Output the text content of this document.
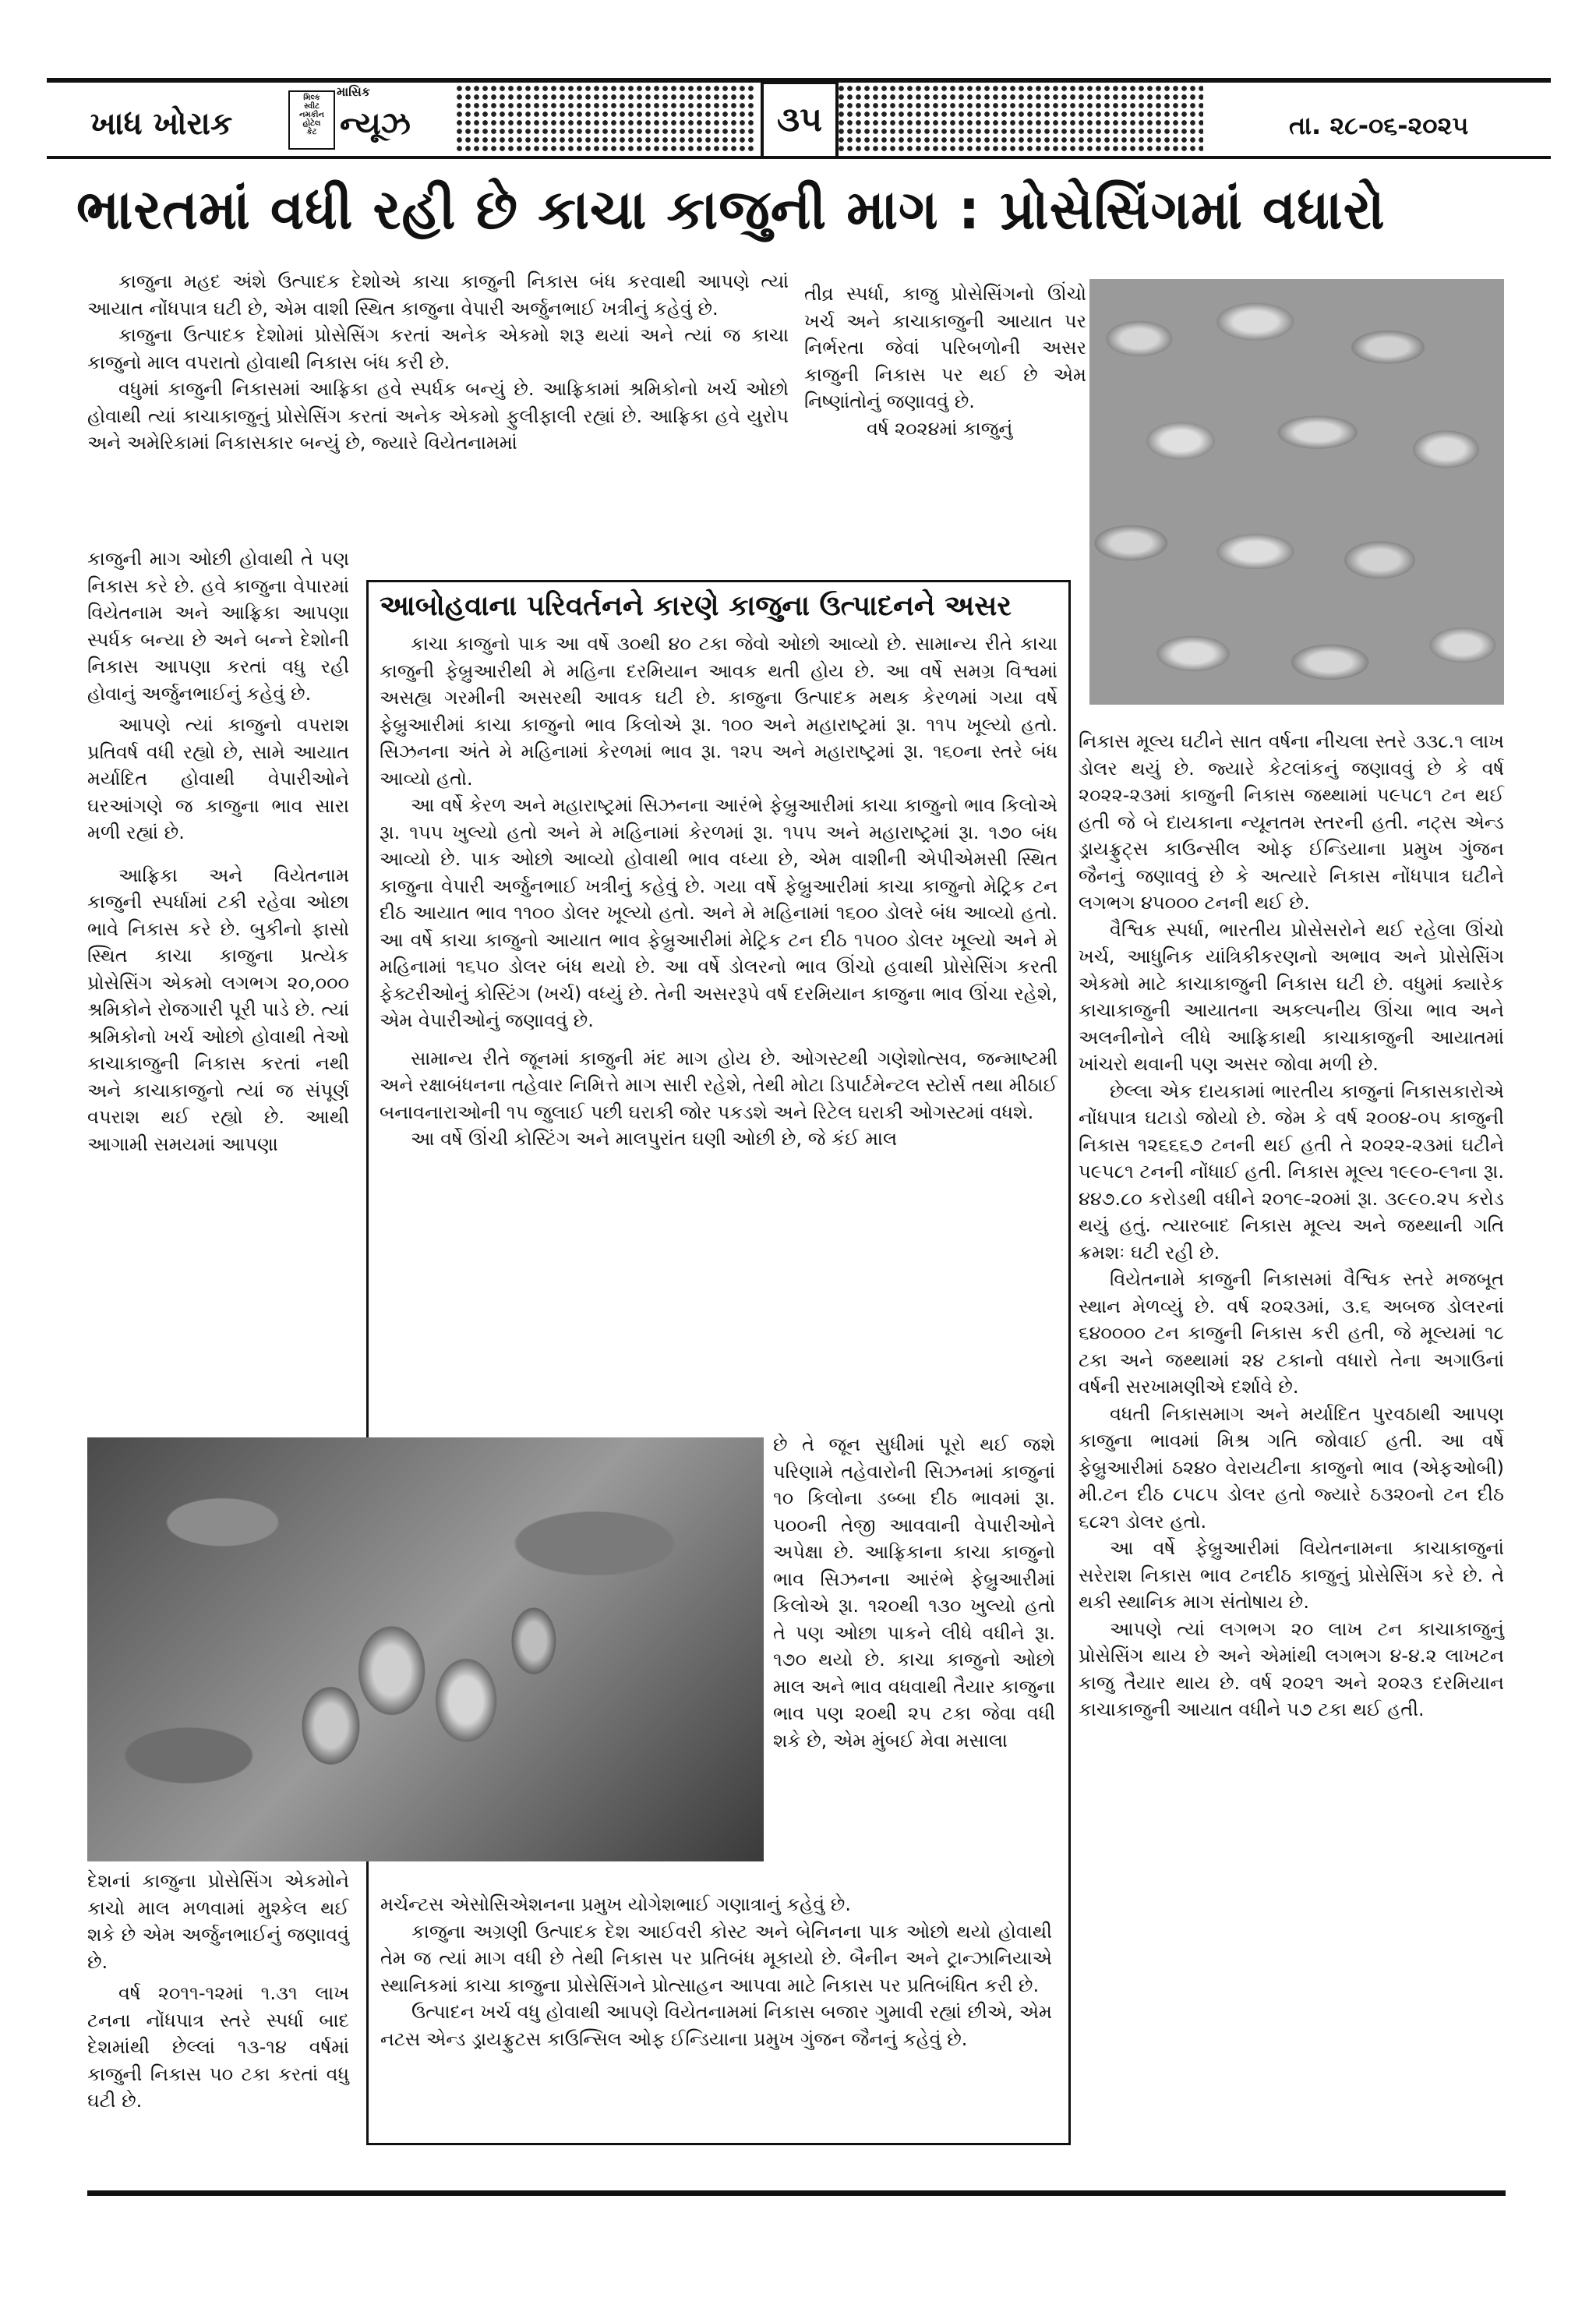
ખાધ ખોરાક
મિલ્ક
સ્વીટ
નમકીન
હોટેલ
કેટ
માસિક
ન્યૂઝ	૩૫	તા. ૨૮-૦૬-૨૦૨૫
ભારતમાં વધી રહી છે કાચા કાજુની માગ : પ્રોસેસિંગમાં વધારો

કાજુના મહદ અંશે ઉત્પાદક દેશોએ કાચા કાજુની નિકાસ બંધ કરવાથી આપણે ત્યાં આયાત નોંધપાત્ર ઘટી છે, એમ વાશી સ્થિત કાજુના વેપારી અર્જુનભાઈ ખત્રીનું કહેવું છે.

કાજુના ઉત્પાદક દેશોમાં પ્રોસેસિંગ કરતાં અનેક એકમો શરૂ થયાં અને ત્યાં જ કાચા કાજુનો માલ વપરાતો હોવાથી નિકાસ બંધ કરી છે.

વધુમાં કાજુની નિકાસમાં આફ્રિકા હવે સ્પર્ધક બન્યું છે. આફ્રિકામાં શ્રમિકોનો ખર્ચ ઓછો હોવાથી ત્યાં કાચાકાજુનું પ્રોસેસિંગ કરતાં અનેક એકમો ફુલીફાલી રહ્યાં છે. આફ્રિકા હવે યુરોપ અને અમેરિકામાં નિકાસકાર બન્યું છે, જ્યારે વિયેતનામમાં

તીવ્ર સ્પર્ધા, કાજુ પ્રોસેસિંગનો ઊંચો ખર્ચ અને કાચાકાજુની આયાત પર નિર્ભરતા જેવાં પરિબળોની અસર કાજુની નિકાસ પર થઈ છે એમ નિષ્ણાંતોનું જણાવવું છે.

વર્ષ ૨૦૨૪માં કાજુનું

કાજુની માગ ઓછી હોવાથી તે પણ નિકાસ કરે છે. હવે કાજુના વેપારમાં વિયેતનામ અને આફ્રિકા આપણા સ્પર્ધક બન્યા છે અને બન્ને દેશોની નિકાસ આપણા કરતાં વધુ રહી હોવાનું અર્જુનભાઈનું કહેવું છે.

આપણે ત્યાં કાજુનો વપરાશ પ્રતિવર્ષ વધી રહ્યો છે, સામે આયાત મર્યાદિત હોવાથી વેપારીઓને ઘરઆંગણે જ કાજુના ભાવ સારા મળી રહ્યાં છે.

આફ્રિકા અને વિયેતનામ કાજુની સ્પર્ધામાં ટકી રહેવા ઓછા ભાવે નિકાસ કરે છે. બુકીનો ફાસો સ્થિત કાચા કાજુના પ્રત્યેક પ્રોસેસિંગ એકમો લગભગ ૨૦,૦૦૦ શ્રમિકોને રોજગારી પૂરી પાડે છે. ત્યાં શ્રમિકોનો ખર્ચ ઓછો હોવાથી તેઓ કાચાકાજુની નિકાસ કરતાં નથી અને કાચાકાજુનો ત્યાં જ સંપૂર્ણ વપરાશ થઈ રહ્યો છે. આથી આગામી સમયમાં આપણા

આબોહવાના પરિવર્તનને કારણે કાજુના ઉત્પાદનને અસર

કાચા કાજુનો પાક આ વર્ષે ૩૦થી ૪૦ ટકા જેવો ઓછો આવ્યો છે. સામાન્ય રીતે કાચા કાજુની ફેબ્રુઆરીથી મે મહિના દરમિયાન આવક થતી હોય છે. આ વર્ષે સમગ્ર વિશ્વમાં અસહ્ય ગરમીની અસરથી આવક ઘટી છે. કાજુના ઉત્પાદક મથક કેરળમાં ગયા વર્ષે ફેબ્રુઆરીમાં કાચા કાજુનો ભાવ કિલોએ રૂા. ૧૦૦ અને મહારાષ્ટ્રમાં રૂા. ૧૧૫ ખૂલ્યો હતો. સિઝનના અંતે મે મહિનામાં કેરળમાં ભાવ રૂા. ૧૨૫ અને મહારાષ્ટ્રમાં રૂા. ૧૬૦ના સ્તરે બંધ આવ્યો હતો.

આ વર્ષે કેરળ અને મહારાષ્ટ્રમાં સિઝનના આરંભે ફેબ્રુઆરીમાં કાચા કાજુનો ભાવ કિલોએ રૂા. ૧૫૫ ખુલ્યો હતો અને મે મહિનામાં કેરળમાં રૂા. ૧૫૫ અને મહારાષ્ટ્રમાં રૂા. ૧૭૦ બંધ આવ્યો છે. પાક ઓછો આવ્યો હોવાથી ભાવ વધ્યા છે, એમ વાશીની એપીએમસી સ્થિત કાજુના વેપારી અર્જુનભાઈ ખત્રીનું કહેવું છે. ગયા વર્ષે ફેબ્રુઆરીમાં કાચા કાજુનો મેટ્રિક ટન દીઠ આયાત ભાવ ૧૧૦૦ ડોલર ખૂલ્યો હતો. અને મે મહિનામાં ૧૬૦૦ ડોલરે બંધ આવ્યો હતો. આ વર્ષે કાચા કાજુનો આયાત ભાવ ફેબ્રુઆરીમાં મેટ્રિક ટન દીઠ ૧૫૦૦ ડોલર ખૂલ્યો અને મે મહિનામાં ૧૬૫૦ ડોલર બંધ થયો છે. આ વર્ષે ડોલરનો ભાવ ઊંચો હવાથી પ્રોસેસિંગ કરતી ફેક્ટરીઓનું કોસ્ટિંગ (ખર્ચ) વધ્યું છે. તેની અસરરૂપે વર્ષ દરમિયાન કાજુના ભાવ ઊંચા રહેશે, એમ વેપારીઓનું જણાવવું છે.

સામાન્ય રીતે જૂનમાં કાજુની મંદ માગ હોય છે. ઓગસ્ટથી ગણેશોત્સવ, જન્માષ્ટમી અને રક્ષાબંધનના તહેવાર નિમિત્તે માગ સારી રહેશે, તેથી મોટા ડિપાર્ટમેન્ટલ સ્ટોર્સ તથા મીઠાઈ બનાવનારાઓની ૧૫ જુલાઈ પછી ઘરાકી જોર પકડશે અને રિટેલ ઘરાકી ઓગસ્ટમાં વધશે.

આ વર્ષે ઊંચી કોસ્ટિંગ અને માલપુરાંત ઘણી ઓછી છે, જે કંઈ માલ

છે તે જૂન સુધીમાં પૂરો થઈ જશે પરિણામે તહેવારોની સિઝનમાં કાજુનાં ૧૦ કિલોના ડબ્બા દીઠ ભાવમાં રૂા. ૫૦૦ની તેજી આવવાની વેપારીઓને અપેક્ષા છે. આફ્રિકાના કાચા કાજુનો ભાવ સિઝનના આરંભે ફેબ્રુઆરીમાં કિલોએ રૂા. ૧૨૦થી ૧૩૦ ખુલ્યો હતો તે પણ ઓછા પાકને લીધે વધીને રૂા. ૧૭૦ થયો છે. કાચા કાજુનો ઓછો માલ અને ભાવ વધવાથી તૈયાર કાજુના ભાવ પણ ૨૦થી ૨૫ ટકા જેવા વધી શકે છે, એમ મુંબઈ મેવા મસાલા

મર્ચન્ટસ એસોસિએશનના પ્રમુખ યોગેશભાઈ ગણાત્રાનું કહેવું છે.

કાજુના અગ્રણી ઉત્પાદક દેશ આઈવરી કોસ્ટ અને બેનિનના પાક ઓછો થયો હોવાથી તેમ જ ત્યાં માગ વધી છે તેથી નિકાસ પર પ્રતિબંધ મૂકાયો છે. બૈનીન અને ટ્રાન્ઝાનિયાએ સ્થાનિકમાં કાચા કાજુના પ્રોસેસિંગને પ્રોત્સાહન આપવા માટે નિકાસ પર પ્રતિબંધિત કરી છે.

ઉત્પાદન ખર્ચ વધુ હોવાથી આપણે વિયેતનામમાં નિકાસ બજાર ગુમાવી રહ્યાં છીએ, એમ નટસ એન્ડ ડ્રાયફ્રુટસ કાઉન્સિલ ઓફ ઈન્ડિયાના પ્રમુખ ગુંજન જૈનનું કહેવું છે.

દેશનાં કાજુના પ્રોસેસિંગ એકમોને કાચો માલ મળવામાં મુશ્કેલ થઈ શકે છે એમ અર્જુનભાઈનું જણાવવું છે.

વર્ષ ૨૦૧૧-૧૨માં ૧.૩૧ લાખ ટનના નોંધપાત્ર સ્તરે સ્પર્ધા બાદ દેશમાંથી છેલ્લાં ૧૩-૧૪ વર્ષમાં કાજુની નિકાસ ૫૦ ટકા કરતાં વધુ ઘટી છે.

નિકાસ મૂલ્ય ઘટીને સાત વર્ષના નીચલા સ્તરે ૩૩૮.૧ લાખ ડોલર થયું છે. જ્યારે કેટલાંકનું જણાવવું છે કે વર્ષ ૨૦૨૨-૨૩માં કાજુની નિકાસ જથ્થામાં ૫૯૫૮૧ ટન થઈ હતી જે બે દાયકાના ન્યૂનતમ સ્તરની હતી. નટ્સ એન્ડ ડ્રાયફ્રુટ્સ કાઉન્સીલ ઓફ ઈન્ડિયાના પ્રમુખ ગુંજન જૈનનું જણાવવું છે કે અત્યારે નિકાસ નોંધપાત્ર ઘટીને લગભગ ૪૫૦૦૦ ટનની થઈ છે.

વૈશ્વિક સ્પર્ધા, ભારતીય પ્રોસેસરોને થઈ રહેલા ઊંચો ખર્ચ, આધુનિક યાંત્રિકીકરણનો અભાવ અને પ્રોસેસિંગ એકમો માટે કાચાકાજુની નિકાસ ઘટી છે. વધુમાં ક્યારેક કાચાકાજુની આયાતના અકલ્પનીય ઊંચા ભાવ અને અલનીનોને લીધે આફ્રિકાથી કાચાકાજુની આયાતમાં ખાંચરો થવાની પણ અસર જોવા મળી છે.

છેલ્લા એક દાયકામાં ભારતીય કાજુનાં નિકાસકારોએ નોંધપાત્ર ઘટાડો જોયો છે. જેમ કે વર્ષ ૨૦૦૪-૦૫ કાજુની નિકાસ ૧૨૬૬૬૭ ટનની થઈ હતી તે ૨૦૨૨-૨૩માં ઘટીને ૫૯૫૮૧ ટનની નોંધાઈ હતી. નિકાસ મૂલ્ય ૧૯૯૦-૯૧ના રૂા. ૪૪૭.૮૦ કરોડથી વધીને ૨૦૧૯-૨૦માં રૂા. ૩૯૯૦.૨૫ કરોડ થયું હતું. ત્યારબાદ નિકાસ મૂલ્ય અને જથ્થાની ગતિ ક્રમશઃ ઘટી રહી છે.

વિયેતનામે કાજુની નિકાસમાં વૈશ્વિક સ્તરે મજબૂત સ્થાન મેળવ્યું છે. વર્ષ ૨૦૨૩માં, ૩.૬ અબજ ડોલરનાં ૬૪૦૦૦૦ ટન કાજુની નિકાસ કરી હતી, જે મૂલ્યમાં ૧૮ ટકા અને જથ્થામાં ૨૪ ટકાનો વધારો તેના અગાઉનાં વર્ષની સરખામણીએ દર્શાવે છે.

વધતી નિકાસમાગ અને મર્યાદિત પુરવઠાથી આપણ કાજુના ભાવમાં મિશ્ર ગતિ જોવાઈ હતી. આ વર્ષે ફેબ્રુઆરીમાં ઠ૨૪૦ વેરાયટીના કાજુનો ભાવ (એફઓબી) મી.ટન દીઠ ૮૫૮૫ ડોલર હતો જ્યારે ઠ૩૨૦નો ટન દીઠ ૬૮૨૧ ડોલર હતો.

આ વર્ષે ફેબ્રુઆરીમાં વિયેતનામના કાચાકાજુનાં સરેરાશ નિકાસ ભાવ ટનદીઠ કાજુનું પ્રોસેસિંગ કરે છે. તે થકી સ્થાનિક માગ સંતોષાય છે.

આપણે ત્યાં લગભગ ૨૦ લાખ ટન કાચાકાજુનું પ્રોસેસિંગ થાય છે અને એમાંથી લગભગ ૪-૪.૨ લાખટન કાજુ તૈયાર થાય છે. વર્ષ ૨૦૨૧ અને ૨૦૨૩ દરમિયાન કાચાકાજુની આયાત વધીને ૫૭ ટકા થઈ હતી.
